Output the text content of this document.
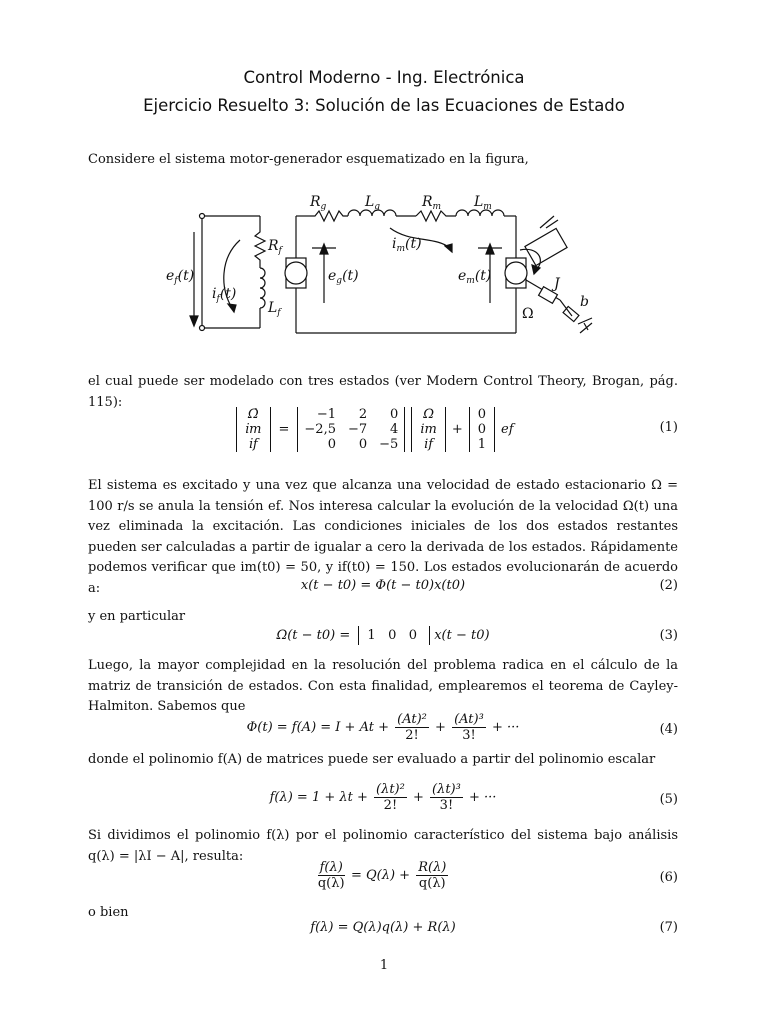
Control Moderno - Ing. Electrónica
Ejercicio Resuelto 3: Solución de las Ecuaciones de Estado
Considere el sistema motor-generador esquematizado en la figura,
$R_g$	$L_g$	$R_m$ $L_m$
$R_f$
$L_f$
$e_f(t)$
$i_f(t)$
$e_g(t)$
$i_m(t)$
$e_m(t)$	J
b
Ω
el cual puede ser modelado con tres estados (ver Modern Control Theory, Brogan, pág. 115):
Ω̇
i̇m
i̇f
=
−1	2	0
−2,5	−7	4
0	0	−5
Ω
im
if
+
0
0
1
ef	(1)
El sistema es excitado y una vez que alcanza una velocidad de estado estacionario Ω = 100 r/s se anula la tensión ef. Nos interesa calcular la evolución de la velocidad Ω(t) una vez eliminada la excitación. Las condiciones iniciales de los dos estados restantes pueden ser calculadas a partir de igualar a cero la derivada de los estados. Rápidamente podemos verificar que im(t0) = 50, y if(t0) = 150. Los estados evolucionarán de acuerdo a:	x(t − t0) = Φ(t − t0)x(t0)	(2)
y en particular
Ω(t − t0) = 1 0 0 x(t − t0)	(3)
Luego, la mayor complejidad en la resolución del problema radica en el cálculo de la matriz de transición de estados. Con esta finalidad, emplearemos el teorema de Cayley-Halmiton. Sabemos que
$\Phi(t) = f(A) = I + At + \frac{\text{(At)²}}{2!} + \frac{\text{(At)³}}{3!}$ + ···	(4)
donde el polinomio f(A) de matrices puede ser evaluado a partir del polinomio escalar
$f(\lambda) = 1 + \lambda t + \frac{\text{(λt)²}}{2!} + \frac{\text{(λt)³}}{3!}$ + ···	(5)
Si dividimos el polinomio f(λ) por el polinomio característico del sistema bajo análisis q(λ) = |λI − A|, resulta:
$\frac{f(\lambda)}{q(\lambda)} = Q(\lambda) + \frac{R(\lambda)}{q(\lambda)}$	(6)
o bien
f(λ) = Q(λ)q(λ) + R(λ)	(7)
1
